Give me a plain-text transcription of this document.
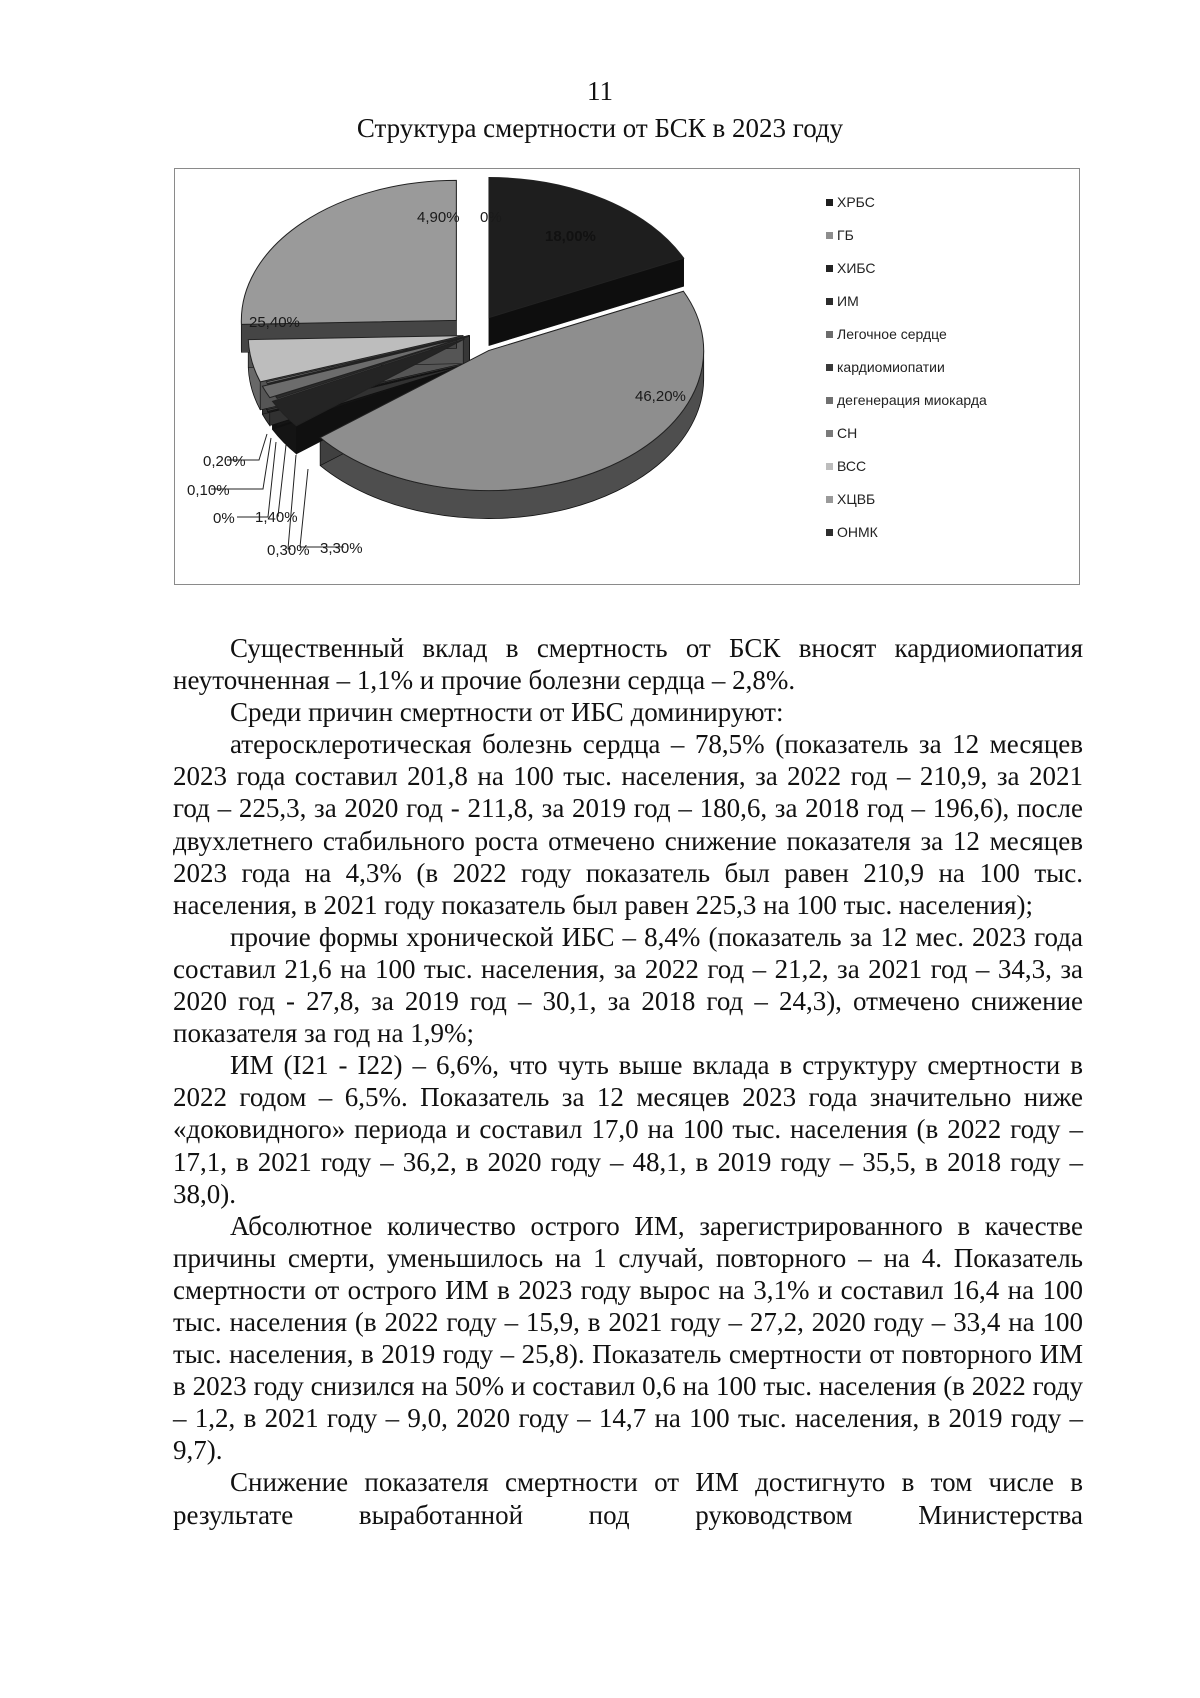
11
Структура смертности от БСК в 2023 году
18,00%
46,20%
3,30%
0,30%
1,40%
0%
0,10%
0,20%
4,90%
25,40%
0%
ХРБС
ГБ
ХИБС
ИМ
Легочное сердце
кардиомиопатии
дегенерация миокарда
СН
ВСС
ХЦВБ
ОНМК

Существенный вклад в смертность от БСК вносят кардиомиопатия неуточненная – 1,1% и прочие болезни сердца – 2,8%.

Среди причин смертности от ИБС доминируют:

атеросклеротическая болезнь сердца – 78,5% (показатель за 12 месяцев 2023 года составил 201,8 на 100 тыс. населения, за 2022 год – 210,9, за 2021 год – 225,3, за 2020 год - 211,8, за 2019 год – 180,6, за 2018 год – 196,6), после двухлетнего стабильного роста отмечено снижение показателя за 12 месяцев 2023 года на 4,3% (в 2022 году показатель был равен 210,9 на 100 тыс. населения, в 2021 году показатель был равен 225,3 на 100 тыс. населения);

прочие формы хронической ИБС – 8,4% (показатель за 12 мес. 2023 года составил 21,6 на 100 тыс. населения, за 2022 год – 21,2, за 2021 год – 34,3, за 2020 год - 27,8, за 2019 год – 30,1, за 2018 год – 24,3), отмечено снижение показателя за год на 1,9%;

ИМ (I21 - I22) – 6,6%, что чуть выше вклада в структуру смертности в 2022 годом – 6,5%. Показатель за 12 месяцев 2023 года значительно ниже «доковидного» периода и составил 17,0 на 100 тыс. населения (в 2022 году –17,1, в 2021 году – 36,2, в 2020 году – 48,1, в 2019 году – 35,5, в 2018 году –38,0).

Абсолютное количество острого ИМ, зарегистрированного в качестве причины смерти, уменьшилось на 1 случай, повторного – на 4. Показатель смертности от острого ИМ в 2023 году вырос на 3,1% и составил 16,4 на 100 тыс. населения (в 2022 году – 15,9, в 2021 году – 27,2, 2020 году – 33,4 на 100 тыс. населения, в 2019 году – 25,8). Показатель смертности от повторного ИМ в 2023 году снизился на 50% и составил 0,6 на 100 тыс. населения (в 2022 году – 1,2, в 2021 году – 9,0, 2020 году – 14,7 на 100 тыс. населения, в 2019 году – 9,7).

Снижение показателя смертности от ИМ достигнуто в том числе в результате выработанной под руководством Министерства
